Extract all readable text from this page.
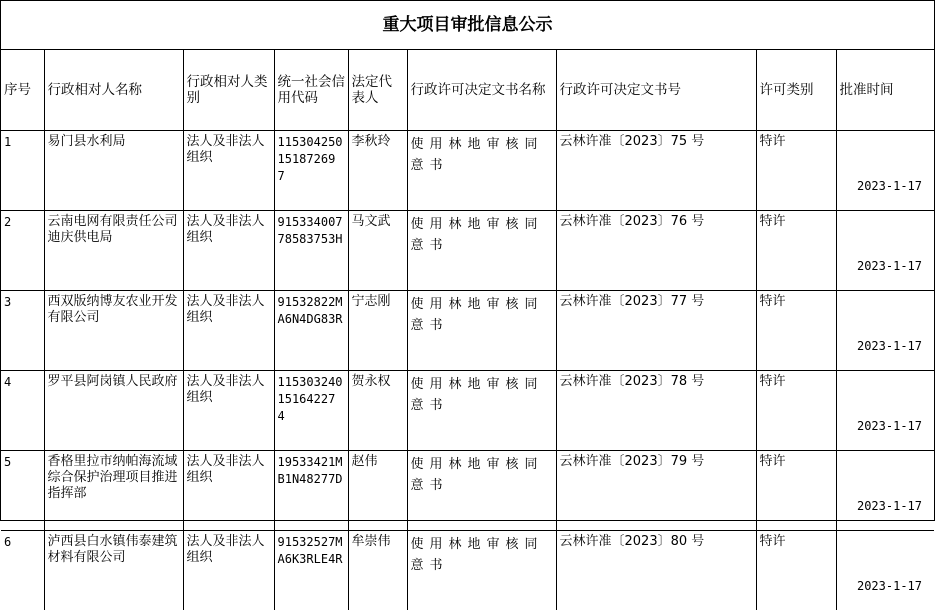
重大项目审批信息公示
序号	行政相对人名称	行政相对人类别	统一社会信用代码	法定代表人	行政许可决定文书名称	行政许可决定文书号	许可类别	批准时间
1	易门县水利局	法人及非法人组织	11530425015187269 7	李秋玲	使用林地审核同意书	云林许准〔2023〕75 号	特许	2023-1-17
2	云南电网有限责任公司迪庆供电局	法人及非法人组织	91533400778583753H	马文武	使用林地审核同意书	云林许准〔2023〕76 号	特许	2023-1-17
3	西双版纳博友农业开发有限公司	法人及非法人组织	91532822MA6N4DG83R	宁志刚	使用林地审核同意书	云林许准〔2023〕77 号	特许	2023-1-17
4	罗平县阿岗镇人民政府	法人及非法人组织	11530324015164227 4	贺永权	使用林地审核同意书	云林许准〔2023〕78 号	特许	2023-1-17
5	香格里拉市纳帕海流域综合保护治理项目推进指挥部	法人及非法人组织	19533421MB1N48277D	赵伟	使用林地审核同意书	云林许准〔2023〕79 号	特许	2023-1-17
6	泸西县白水镇伟泰建筑材料有限公司	法人及非法人组织	91532527MA6K3RLE4R	牟崇伟	使用林地审核同意书	云林许准〔2023〕80 号	特许	2023-1-17
